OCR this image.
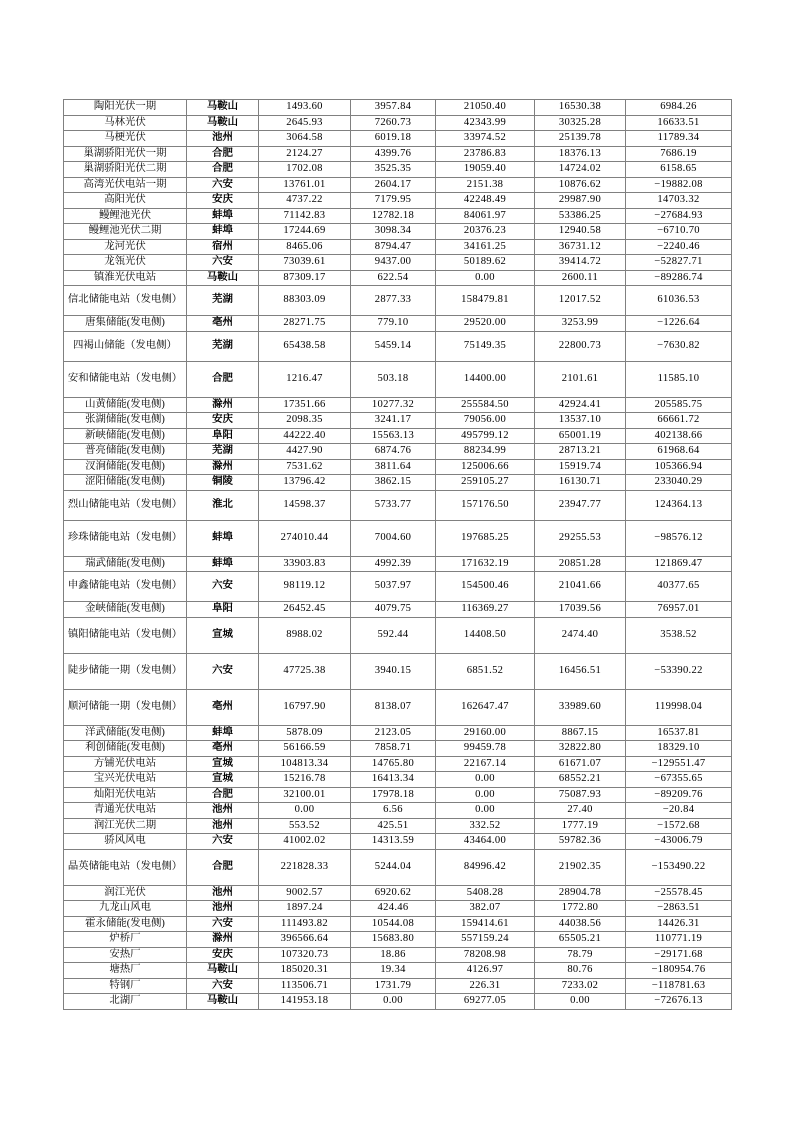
陶阳光伏一期	马鞍山	1493.60	3957.84	21050.40	16530.38	6984.26
马林光伏	马鞍山	2645.93	7260.73	42343.99	30325.28	16633.51
马梗光伏	池州	3064.58	6019.18	33974.52	25139.78	11789.34
巢湖骄阳光伏一期	合肥	2124.27	4399.76	23786.83	18376.13	7686.19
巢湖骄阳光伏二期	合肥	1702.08	3525.35	19059.40	14724.02	6158.65
高湾光伏电站一期	六安	13761.01	2604.17	2151.38	10876.62	−19882.08
高阳光伏	安庆	4737.22	7179.95	42248.49	29987.90	14703.32
鳗鲤池光伏	蚌埠	71142.83	12782.18	84061.97	53386.25	−27684.93
鳗鲤池光伏二期	蚌埠	17244.69	3098.34	20376.23	12940.58	−6710.70
龙河光伏	宿州	8465.06	8794.47	34161.25	36731.12	−2240.46
龙瓴光伏	六安	73039.61	9437.00	50189.62	39414.72	−52827.71
镇淮光伏电站	马鞍山	87309.17	622.54	0.00	2600.11	−89286.74
信北储能电站（发电侧）	芜湖	88303.09	2877.33	158479.81	12017.52	61036.53
唐集储能(发电侧)	亳州	28271.75	779.10	29520.00	3253.99	−1226.64
四褐山储能（发电侧）	芜湖	65438.58	5459.14	75149.35	22800.73	−7630.82
安和储能电站（发电侧）	合肥	1216.47	503.18	14400.00	2101.61	11585.10
山黄储能(发电侧)	滁州	17351.66	10277.32	255584.50	42924.41	205585.75
张湖储能(发电侧)	安庆	2098.35	3241.17	79056.00	13537.10	66661.72
新峡储能(发电侧)	阜阳	44222.40	15563.13	495799.12	65001.19	402138.66
普亮储能(发电侧)	芜湖	4427.90	6874.76	88234.99	28713.21	61968.64
汊涧储能(发电侧)	滁州	7531.62	3811.64	125006.66	15919.74	105366.94
涩阳储能(发电侧)	铜陵	13796.42	3862.15	259105.27	16130.71	233040.29
烈山储能电站（发电侧）	淮北	14598.37	5733.77	157176.50	23947.77	124364.13
珍珠储能电站（发电侧）	蚌埠	274010.44	7004.60	197685.25	29255.53	−98576.12
瑞武储能(发电侧)	蚌埠	33903.83	4992.39	171632.19	20851.28	121869.47
申鑫储能电站（发电侧）	六安	98119.12	5037.97	154500.46	21041.66	40377.65
金峡储能(发电侧)	阜阳	26452.45	4079.75	116369.27	17039.56	76957.01
镇阳储能电站（发电侧）	宣城	8988.02	592.44	14408.50	2474.40	3538.52
陡步储能一期（发电侧）	六安	47725.38	3940.15	6851.52	16456.51	−53390.22
顺河储能一期（发电侧）	亳州	16797.90	8138.07	162647.47	33989.60	119998.04
洋武储能(发电侧)	蚌埠	5878.09	2123.05	29160.00	8867.15	16537.81
利创储能(发电侧)	亳州	56166.59	7858.71	99459.78	32822.80	18329.10
方铺光伏电站	宣城	104813.34	14765.80	22167.14	61671.07	−129551.47
宝兴光伏电站	宣城	15216.78	16413.34	0.00	68552.21	−67355.65
灿阳光伏电站	合肥	32100.01	17978.18	0.00	75087.93	−89209.76
青通光伏电站	池州	0.00	6.56	0.00	27.40	−20.84
润江光伏二期	池州	553.52	425.51	332.52	1777.19	−1572.68
骄风风电	六安	41002.02	14313.59	43464.00	59782.36	−43006.79
晶英储能电站（发电侧）	合肥	221828.33	5244.04	84996.42	21902.35	−153490.22
润江光伏	池州	9002.57	6920.62	5408.28	28904.78	−25578.45
九龙山风电	池州	1897.24	424.46	382.07	1772.80	−2863.51
霍永储能(发电侧)	六安	111493.82	10544.08	159414.61	44038.56	14426.31
炉桥厂	滁州	396566.64	15683.80	557159.24	65505.21	110771.19
安热厂	安庆	107320.73	18.86	78208.98	78.79	−29171.68
塘热厂	马鞍山	185020.31	19.34	4126.97	80.76	−180954.76
特钢厂	六安	113506.71	1731.79	226.31	7233.02	−118781.63
北湖厂	马鞍山	141953.18	0.00	69277.05	0.00	−72676.13
